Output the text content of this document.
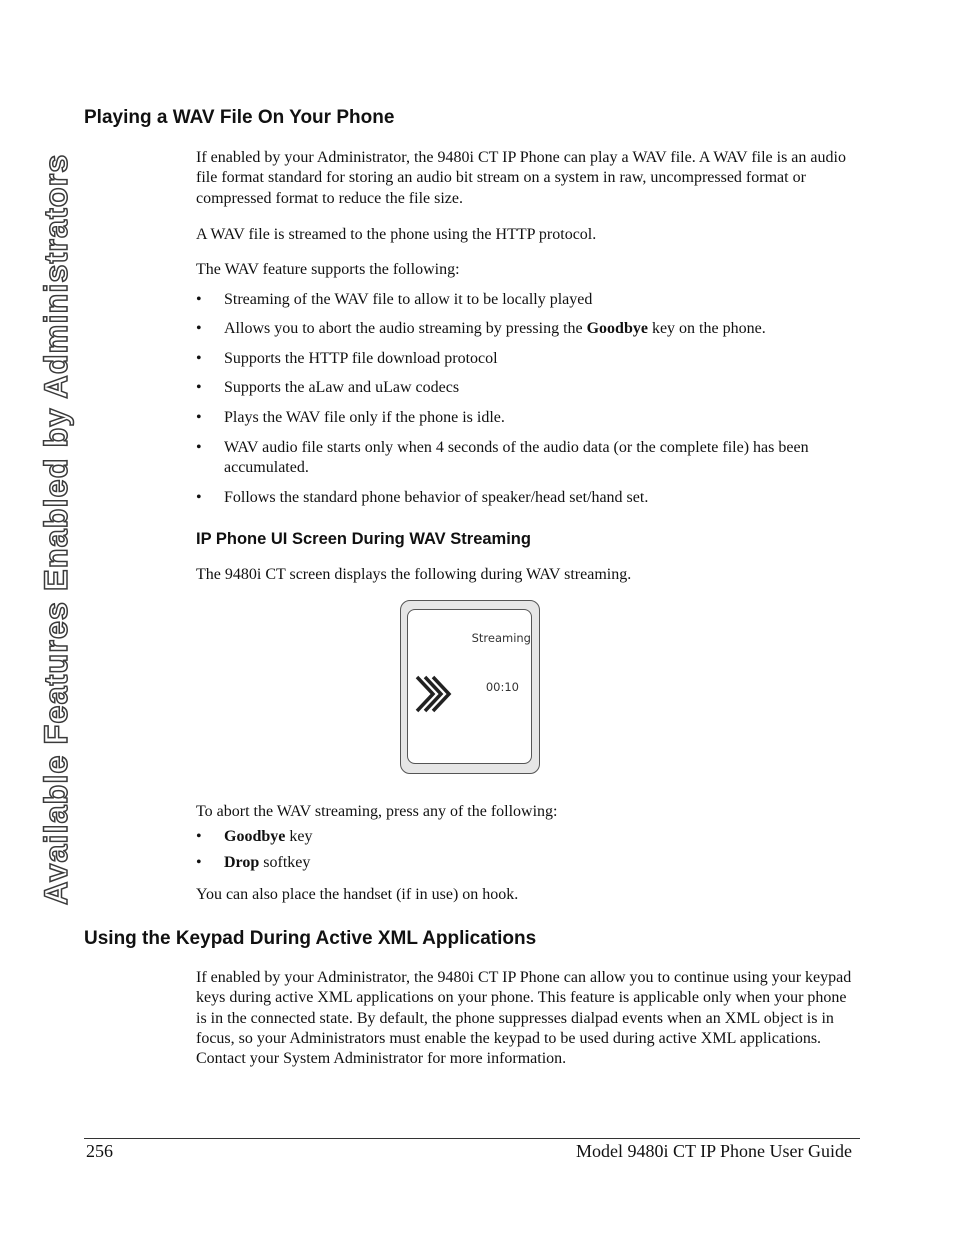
Available Features Enabled by Administrators
Playing a WAV File On Your Phone

If enabled by your Administrator, the 9480i CT IP Phone can play a WAV file. A WAV file is an audio file format standard for storing an audio bit stream on a system in raw, uncompressed format or compressed format to reduce the file size.

A WAV file is streamed to the phone using the HTTP protocol.

The WAV feature supports the following:

• Streaming of the WAV file to allow it to be locally played
• Allows you to abort the audio streaming by pressing the Goodbye key on the phone.
• Supports the HTTP file download protocol
• Supports the aLaw and uLaw codecs
• Plays the WAV file only if the phone is idle.
• WAV audio file starts only when 4 seconds of the audio data (or the complete file) has been accumulated.
• Follows the standard phone behavior of speaker/head set/hand set.
IP Phone UI Screen During WAV Streaming

The 9480i CT screen displays the following during WAV streaming.

Streaming
00:10

To abort the WAV streaming, press any of the following:

• Goodbye key
• Drop softkey

You can also place the handset (if in use) on hook.

Using the Keypad During Active XML Applications

If enabled by your Administrator, the 9480i CT IP Phone can allow you to continue using your keypad keys during active XML applications on your phone. This feature is applicable only when your phone is in the connected state. By default, the phone suppresses dialpad events when an XML object is in focus, so your Administrators must enable the keypad to be used during active XML applications. Contact your System Administrator for more information.

256	Model 9480i CT IP Phone User Guide
